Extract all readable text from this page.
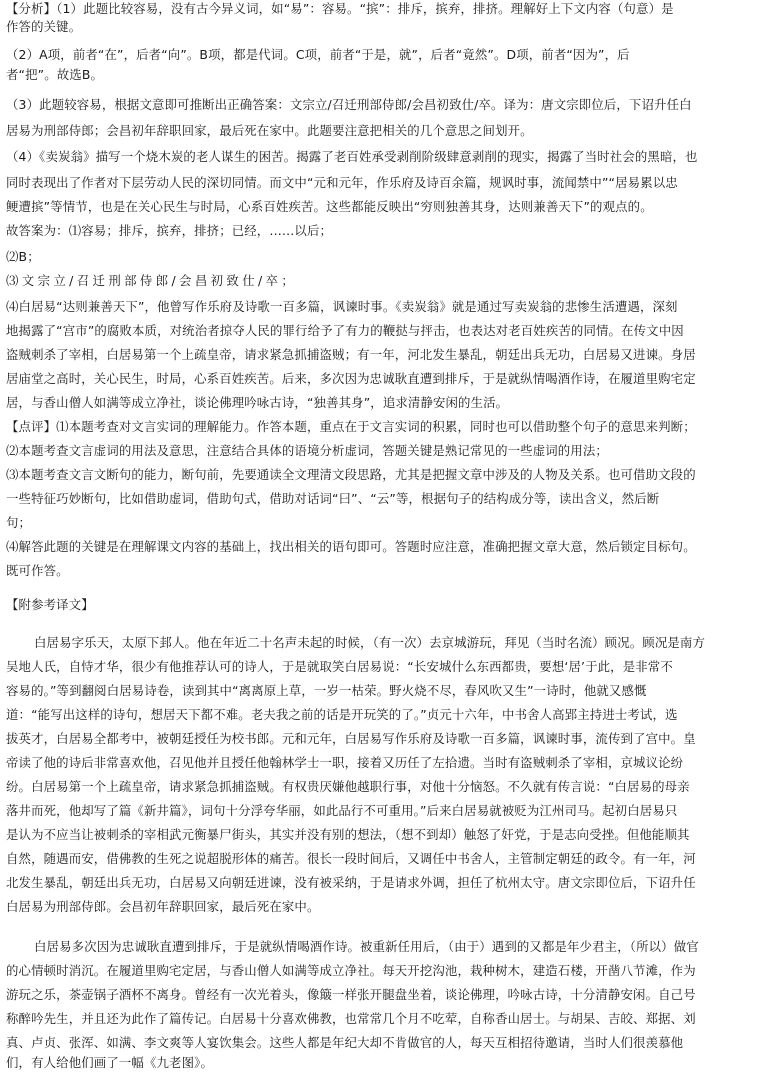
【分析】（1）此题比较容易，没有古今异义词，如“易”：容易。“摈”：排斥，摈弃，排挤。理解好上下文内容（句意）是
作答的关键。
（2）A项，前者“在”，后者“向”。B项，都是代词。C项，前者“于是，就”，后者“竟然”。D项，前者“因为”，后
者“把”。故选B。
（3）此题较容易，根据文意即可推断出正确答案：文宗立/召迁刑部侍郎/会昌初致仕/卒。译为：唐文宗即位后，下诏升任白
居易为刑部侍郎；会昌初年辞职回家，最后死在家中。此题要注意把相关的几个意思之间划开。
（4）《卖炭翁》描写一个烧木炭的老人谋生的困苦。揭露了老百姓承受剥削阶级肆意剥削的现实，揭露了当时社会的黑暗，也
同时表现出了作者对下层劳动人民的深切同情。而文中“元和元年，作乐府及诗百余篇，规讽时事，流闻禁中”“居易累以忠
鲠遭摈”等情节，也是在关心民生与时局，心系百姓疾苦。这些都能反映出“穷则独善其身，达则兼善天下”的观点的。
故答案为：⑴容易；排斥，摈弃，排挤；已经，……以后；
⑵B；
⑶文宗立/召迁刑部侍郎/会昌初致仕/卒；
⑷白居易“达则兼善天下”，他曾写作乐府及诗歌一百多篇，讽谏时事。《卖炭翁》就是通过写卖炭翁的悲惨生活遭遇，深刻
地揭露了“宫市”的腐败本质，对统治者掠夺人民的罪行给予了有力的鞭挞与抨击，也表达对老百姓疾苦的同情。在传文中因
盗贼刺杀了宰相，白居易第一个上疏皇帝，请求紧急抓捕盗贼；有一年，河北发生暴乱，朝廷出兵无功，白居易又进谏。身居
居庙堂之高时，关心民生，时局，心系百姓疾苦。后来，多次因为忠诚耿直遭到排斥，于是就纵情喝酒作诗，在履道里购宅定
居，与香山僧人如满等成立净社，谈论佛理吟咏古诗，“独善其身”，追求清静安闲的生活。
【点评】⑴本题考查对文言实词的理解能力。作答本题，重点在于文言实词的积累，同时也可以借助整个句子的意思来判断；
⑵本题考查文言虚词的用法及意思，注意结合具体的语境分析虚词，答题关键是熟记常见的一些虚词的用法；
⑶本题考查文言文断句的能力，断句前，先要通读全文理清文段思路，尤其是把握文章中涉及的人物及关系。也可借助文段的
一些特征巧妙断句，比如借助虚词，借助句式，借助对话词“曰”、“云”等，根据句子的结构成分等，读出含义，然后断
句；
⑷解答此题的关键是在理解课文内容的基础上，找出相关的语句即可。答题时应注意，准确把握文章大意，然后锁定目标句。
既可作答。
【附参考译文】
白居易字乐天，太原下邽人。他在年近二十名声未起的时候，（有一次）去京城游玩，拜见（当时名流）顾况。顾况是南方
吴地人氏，自恃才华，很少有他推荐认可的诗人，于是就取笑白居易说：“长安城什么东西都贵，要想‘居’于此，是非常不
容易的。”等到翻阅白居易诗卷，读到其中“离离原上草，一岁一枯荣。野火烧不尽，春风吹又生”一诗时，他就又感慨
道：“能写出这样的诗句，想居天下都不难。老夫我之前的话是开玩笑的了。”贞元十六年，中书舍人高郢主持进士考试，选
拔英才，白居易全都考中，被朝廷授任为校书郎。元和元年，白居易写作乐府及诗歌一百多篇，讽谏时事，流传到了宫中。皇
帝读了他的诗后非常喜欢他，召见他并且授任他翰林学士一职，接着又历任了左拾遗。当时有盗贼刺杀了宰相，京城议论纷
纷。白居易第一个上疏皇帝，请求紧急抓捕盗贼。有权贵厌嫌他越职行事，对他十分恼怒。不久就有传言说：“白居易的母亲
落井而死，他却写了篇《新井篇》，词句十分浮夸华丽，如此品行不可重用。”后来白居易就被贬为江州司马。起初白居易只
是认为不应当让被刺杀的宰相武元衡暴尸街头，其实并没有别的想法，（想不到却）触怒了奸党，于是志向受挫。但他能顺其
自然，随遇而安，借佛教的生死之说超脱形体的痛苦。很长一段时间后，又调任中书舍人，主管制定朝廷的政令。有一年，河
北发生暴乱，朝廷出兵无功，白居易又向朝廷进谏，没有被采纳，于是请求外调，担任了杭州太守。唐文宗即位后，下诏升任
白居易为刑部侍郎。会昌初年辞职回家，最后死在家中。
白居易多次因为忠诚耿直遭到排斥，于是就纵情喝酒作诗。被重新任用后，（由于）遇到的又都是年少君主，（所以）做官
的心情顿时消沉。在履道里购宅定居，与香山僧人如满等成立净社。每天开挖沟池，栽种树木，建造石楼，开凿八节滩，作为
游玩之乐，茶壶锅子酒杯不离身。曾经有一次光着头，像簸一样张开腿盘坐着，谈论佛理，吟咏古诗，十分清静安闲。自己号
称醉吟先生，并且还为此作了篇传记。白居易十分喜欢佛教，也常常几个月不吃荤，自称香山居士。与胡杲、吉皎、郑据、刘
真、卢贞、张浑、如满、李文爽等人宴饮集会。这些人都是年纪大却不肯做官的人，每天互相招待邀请，当时人们很羡慕他
们，有人给他们画了一幅《九老图》。
